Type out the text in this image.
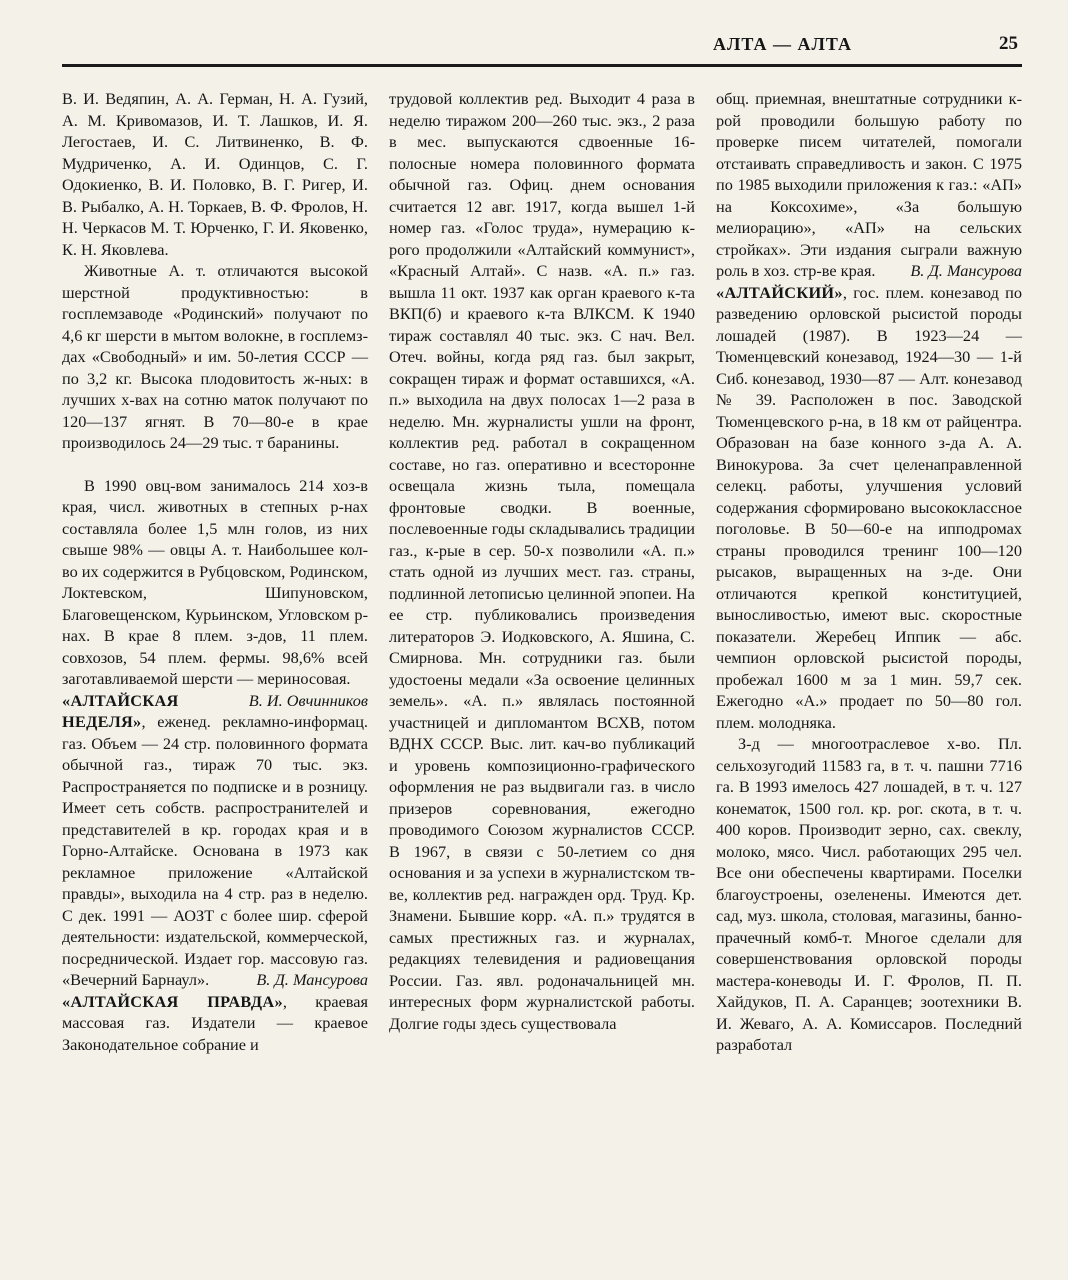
АЛТА — АЛТА	25

В. И. Ведяпин, А. А. Герман, Н. А. Гузий, А. М. Кривомазов, И. Т. Лашков, И. Я. Легостаев, И. С. Литвиненко, В. Ф. Мудриченко, А. И. Одинцов, С. Г. Одокиенко, В. И. Половко, В. Г. Ригер, И. В. Рыбалко, А. Н. Торкаев, В. Ф. Фролов, Н. Н. Черкасов М. Т. Юрченко, Г. И. Яковенко, К. Н. Яковлева.

Животные А. т. отличаются высокой шерстной продуктивностью: в госплемзаводе «Родинский» получают по 4,6 кг шерсти в мытом волокне, в госплемз-дах «Свободный» и им. 50-летия СССР — по 3,2 кг. Высока плодовитость ж-ных: в лучших х-вах на сотню маток получают по 120—137 ягнят. В 70—80-е в крае производилось 24—29 тыс. т баранины.

В 1990 овц-вом занималось 214 хоз-в края, числ. животных в степных р-нах составляла более 1,5 млн голов, из них свыше 98% — овцы А. т. Наибольшее кол-во их содержится в Рубцовском, Родинском, Локтевском, Шипуновском, Благовещенском, Курьинском, Угловском р-нах. В крае 8 плем. з-дов, 11 плем. совхозов, 54 плем. фермы. 98,6% всей заготавливаемой шерсти — мериносовая.
В. И. Овчинников

«АЛТАЙСКАЯ НЕДЕЛЯ», еженед. рекламно-информац. газ. Объем — 24 стр. половинного формата обычной газ., тираж 70 тыс. экз. Распространяется по подписке и в розницу. Имеет сеть собств. распространителей и представителей в кр. городах края и в Горно-Алтайске. Основана в 1973 как рекламное приложение «Алтайской правды», выходила на 4 стр. раз в неделю. С дек. 1991 — АОЗТ с более шир. сферой деятельности: издательской, коммерческой, посреднической. Издает гор. массовую газ. «Вечерний Барнаул».	В. Д. Мансурова

«АЛТАЙСКАЯ ПРАВДА», краевая массовая газ. Издатели — краевое Законодательное собрание и

трудовой коллектив ред. Выходит 4 раза в неделю тиражом 200—260 тыс. экз., 2 раза в мес. выпускаются сдвоенные 16-полосные номера половинного формата обычной газ. Офиц. днем основания считается 12 авг. 1917, когда вышел 1-й номер газ. «Голос труда», нумерацию к-рого продолжили «Алтайский коммунист», «Красный Алтай». С назв. «А. п.» газ. вышла 11 окт. 1937 как орган краевого к-та ВКП(б) и краевого к-та ВЛКСМ. К 1940 тираж составлял 40 тыс. экз. С нач. Вел. Отеч. войны, когда ряд газ. был закрыт, сокращен тираж и формат оставшихся, «А. п.» выходила на двух полосах 1—2 раза в неделю. Мн. журналисты ушли на фронт, коллектив ред. работал в сокращенном составе, но газ. оперативно и всесторонне освещала жизнь тыла, помещала фронтовые сводки. В военные, послевоенные годы складывались традиции газ., к-рые в сер. 50-х позволили «А. п.» стать одной из лучших мест. газ. страны, подлинной летописью целинной эпопеи. На ее стр. публиковались произведения литераторов Э. Иодковского, А. Яшина, С. Смирнова. Мн. сотрудники газ. были удостоены медали «За освоение целинных земель». «А. п.» являлась постоянной участницей и дипломантом ВСХВ, потом ВДНХ СССР. Выс. лит. кач-во публикаций и уровень композиционно-графического оформления не раз выдвигали газ. в число призеров соревнования, ежегодно проводимого Союзом журналистов СССР. В 1967, в связи с 50-летием со дня основания и за успехи в журналистском тв-ве, коллектив ред. награжден орд. Труд. Кр. Знамени. Бывшие корр. «А. п.» трудятся в самых престижных газ. и журналах, редакциях телевидения и радиовещания России. Газ. явл. родоначальницей мн. интересных форм журналистской работы. Долгие годы здесь существовала

общ. приемная, внештатные сотрудники к-рой проводили большую работу по проверке писем читателей, помогали отстаивать справедливость и закон. С 1975 по 1985 выходили приложения к газ.: «АП» на Коксохиме», «За большую мелиорацию», «АП» на сельских стройках». Эти издания сыграли важную роль в хоз. стр-ве края. В. Д. Мансурова

«АЛТАЙСКИЙ», гос. плем. конезавод по разведению орловской рысистой породы лошадей (1987). В 1923—24 — Тюменцевский конезавод, 1924—30 — 1-й Сиб. конезавод, 1930—87 — Алт. конезавод № 39. Расположен в пос. Заводской Тюменцевского р-на, в 18 км от райцентра. Образован на базе конного з-да А. А. Винокурова. За счет целенаправленной селекц. работы, улучшения условий содержания сформировано высококлассное поголовье. В 50—60-е на ипподромах страны проводился тренинг 100—120 рысаков, выращенных на з-де. Они отличаются крепкой конституцией, выносливостью, имеют выс. скоростные показатели. Жеребец Иппик — абс. чемпион орловской рысистой породы, пробежал 1600 м за 1 мин. 59,7 сек. Ежегодно «А.» продает по 50—80 гол. плем. молодняка.

З-д — многоотраслевое х-во. Пл. сельхозугодий 11583 га, в т. ч. пашни 7716 га. В 1993 имелось 427 лошадей, в т. ч. 127 конематок, 1500 гол. кр. рог. скота, в т. ч. 400 коров. Производит зерно, сах. свеклу, молоко, мясо. Числ. работающих 295 чел. Все они обеспечены квартирами. Поселки благоустроены, озеленены. Имеются дет. сад, муз. школа, столовая, магазины, банно-прачечный комб-т. Многое сделали для совершенствования орловской породы мастера-коневоды И. Г. Фролов, П. П. Хайдуков, П. А. Саранцев; зоотехники В. И. Жеваго, А. А. Комиссаров. Последний разработал
